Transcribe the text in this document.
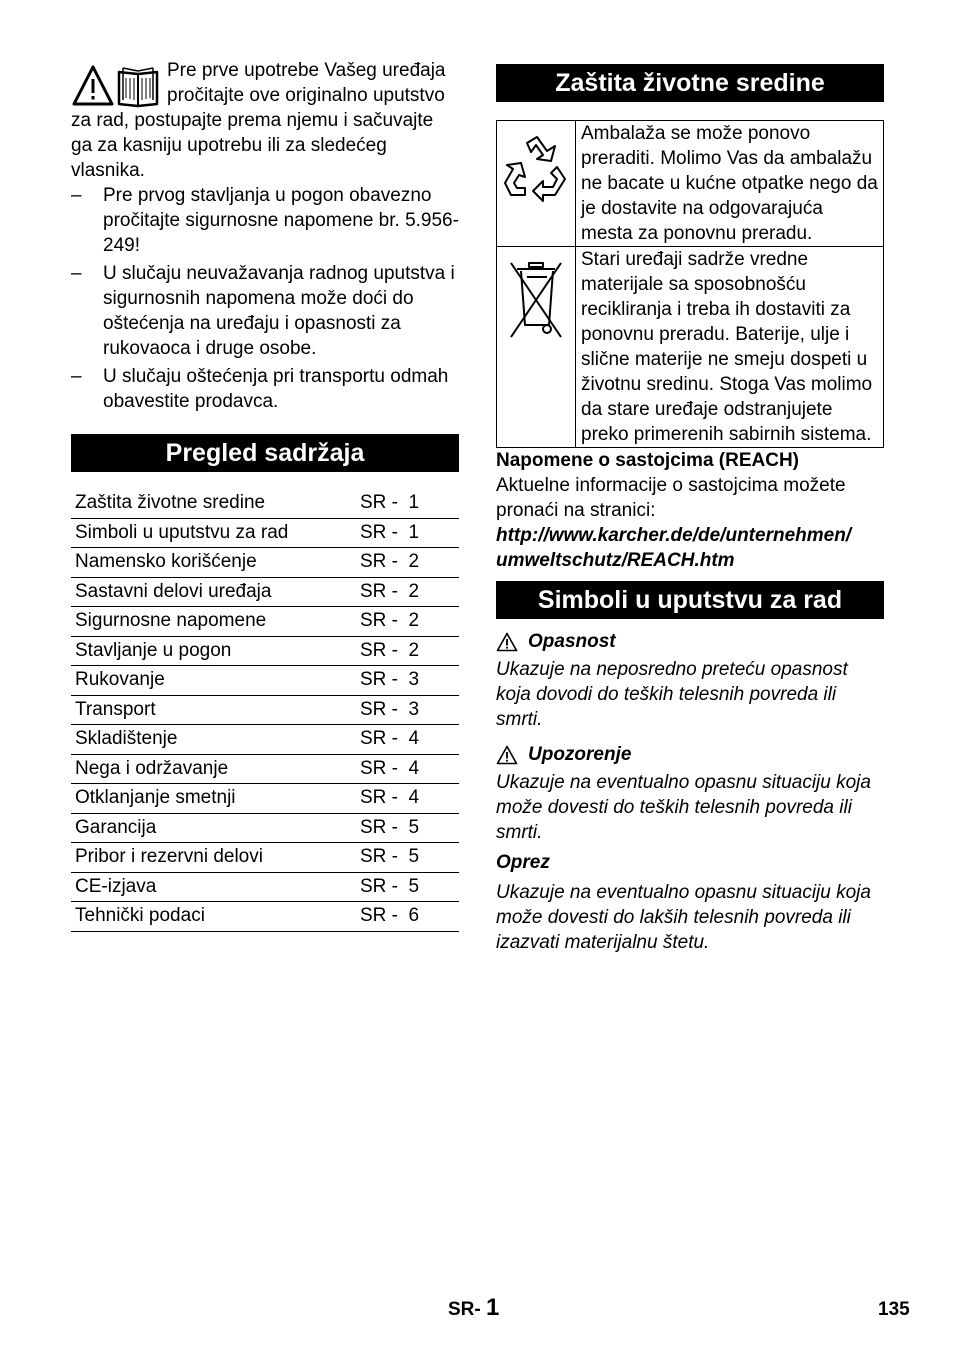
Pre prve upotrebe Vašeg uređaja pročitajte ove originalno uputstvo za rad, postupajte prema njemu i sačuvajte ga za kasniju upotrebu ili za sledećeg vlasnika.

– Pre prvog stavljanja u pogon obavezno pročitajte sigurnosne napomene br. 5.956-249!
– U slučaju neuvažavanja radnog uputstva i sigurnosnih napomena može doći do oštećenja na uređaju i opasnosti za rukovaoca i druge osobe.
– U slučaju oštećenja pri transportu odmah obavestite prodavca.
Pregled sadržaja
Zaštita životne sredine	SR -  1
Simboli u uputstvu za rad	SR -  1
Namensko korišćenje	SR -  2
Sastavni delovi uređaja	SR -  2
Sigurnosne napomene	SR -  2
Stavljanje u pogon	SR -  2
Rukovanje	SR -  3
Transport	SR -  3
Skladištenje	SR -  4
Nega i održavanje	SR -  4
Otklanjanje smetnji	SR -  4
Garancija	SR -  5
Pribor i rezervni delovi	SR -  5
CE-izjava	SR -  5
Tehnički podaci	SR -  6
Zaštita životne sredine
	Ambalaža se može ponovo preraditi. Molimo Vas da ambalažu ne bacate u kućne otpatke nego da je dostavite na odgovarajuća mesta za ponovnu preradu.
	Stari uređaji sadrže vredne materijale sa sposobnošću recikliranja i treba ih dostaviti za ponovnu preradu. Baterije, ulje i slične materije ne smeju dospeti u životnu sredinu. Stoga Vas molimo da stare uređaje odstranjujete preko primerenih sabirnih sistema.

Napomene o sastojcima (REACH)

Aktuelne informacije o sastojcima možete pronaći na stranici:

http://www.karcher.de/de/unternehmen/

umweltschutz/REACH.htm

Simboli u uputstvu za rad
Opasnost

Ukazuje na neposredno preteću opasnost koja dovodi do teških telesnih povreda ili smrti.

Upozorenje

Ukazuje na eventualno opasnu situaciju koja može dovesti do teških telesnih povreda ili smrti.

Oprez

Ukazuje na eventualno opasnu situaciju koja može dovesti do lakših telesnih povreda ili izazvati materijalnu štetu.

SR- 1	135
